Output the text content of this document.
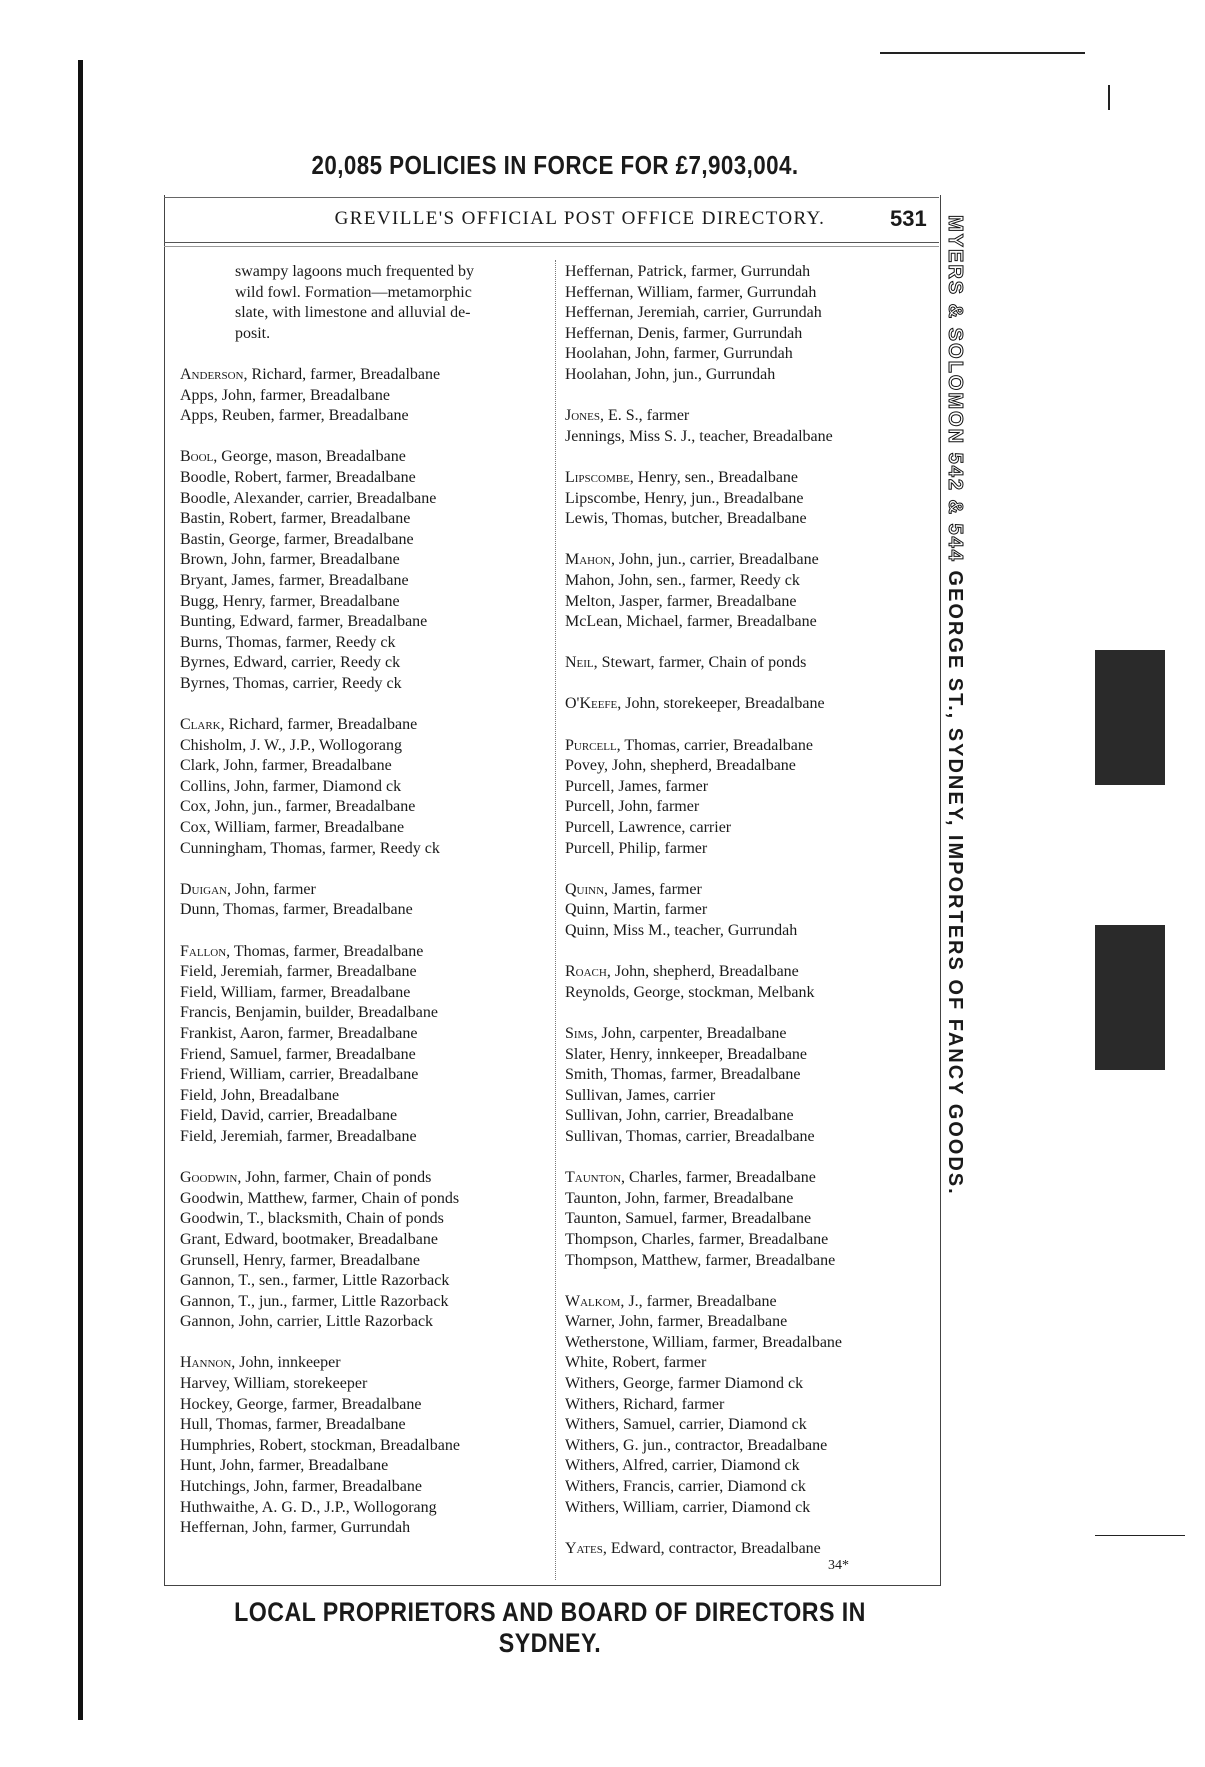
20,085 POLICIES IN FORCE FOR £7,903,004.
GREVILLE'S OFFICIAL POST OFFICE DIRECTORY.	531
swampy lagoons much frequented by
wild fowl. Formation—metamorphic
slate, with limestone and alluvial de-
posit.
Anderson, Richard, farmer, Breadalbane
Apps, John, farmer, Breadalbane
Apps, Reuben, farmer, Breadalbane
Bool, George, mason, Breadalbane
Boodle, Robert, farmer, Breadalbane
Boodle, Alexander, carrier, Breadalbane
Bastin, Robert, farmer, Breadalbane
Bastin, George, farmer, Breadalbane
Brown, John, farmer, Breadalbane
Bryant, James, farmer, Breadalbane
Bugg, Henry, farmer, Breadalbane
Bunting, Edward, farmer, Breadalbane
Burns, Thomas, farmer, Reedy ck
Byrnes, Edward, carrier, Reedy ck
Byrnes, Thomas, carrier, Reedy ck
Clark, Richard, farmer, Breadalbane
Chisholm, J. W., J.P., Wollogorang
Clark, John, farmer, Breadalbane
Collins, John, farmer, Diamond ck
Cox, John, jun., farmer, Breadalbane
Cox, William, farmer, Breadalbane
Cunningham, Thomas, farmer, Reedy ck
Duigan, John, farmer
Dunn, Thomas, farmer, Breadalbane
Fallon, Thomas, farmer, Breadalbane
Field, Jeremiah, farmer, Breadalbane
Field, William, farmer, Breadalbane
Francis, Benjamin, builder, Breadalbane
Frankist, Aaron, farmer, Breadalbane
Friend, Samuel, farmer, Breadalbane
Friend, William, carrier, Breadalbane
Field, John, Breadalbane
Field, David, carrier, Breadalbane
Field, Jeremiah, farmer, Breadalbane
Goodwin, John, farmer, Chain of ponds
Goodwin, Matthew, farmer, Chain of ponds
Goodwin, T., blacksmith, Chain of ponds
Grant, Edward, bootmaker, Breadalbane
Grunsell, Henry, farmer, Breadalbane
Gannon, T., sen., farmer, Little Razorback
Gannon, T., jun., farmer, Little Razorback
Gannon, John, carrier, Little Razorback
Hannon, John, innkeeper
Harvey, William, storekeeper
Hockey, George, farmer, Breadalbane
Hull, Thomas, farmer, Breadalbane
Humphries, Robert, stockman, Breadalbane
Hunt, John, farmer, Breadalbane
Hutchings, John, farmer, Breadalbane
Huthwaithe, A. G. D., J.P., Wollogorang
Heffernan, John, farmer, Gurrundah
Heffernan, Patrick, farmer, Gurrundah
Heffernan, William, farmer, Gurrundah
Heffernan, Jeremiah, carrier, Gurrundah
Heffernan, Denis, farmer, Gurrundah
Hoolahan, John, farmer, Gurrundah
Hoolahan, John, jun., Gurrundah
Jones, E. S., farmer
Jennings, Miss S. J., teacher, Breadalbane
Lipscombe, Henry, sen., Breadalbane
Lipscombe, Henry, jun., Breadalbane
Lewis, Thomas, butcher, Breadalbane
Mahon, John, jun., carrier, Breadalbane
Mahon, John, sen., farmer, Reedy ck
Melton, Jasper, farmer, Breadalbane
McLean, Michael, farmer, Breadalbane
Neil, Stewart, farmer, Chain of ponds
O'Keefe, John, storekeeper, Breadalbane
Purcell, Thomas, carrier, Breadalbane
Povey, John, shepherd, Breadalbane
Purcell, James, farmer
Purcell, John, farmer
Purcell, Lawrence, carrier
Purcell, Philip, farmer
Quinn, James, farmer
Quinn, Martin, farmer
Quinn, Miss M., teacher, Gurrundah
Roach, John, shepherd, Breadalbane
Reynolds, George, stockman, Melbank
Sims, John, carpenter, Breadalbane
Slater, Henry, innkeeper, Breadalbane
Smith, Thomas, farmer, Breadalbane
Sullivan, James, carrier
Sullivan, John, carrier, Breadalbane
Sullivan, Thomas, carrier, Breadalbane
Taunton, Charles, farmer, Breadalbane
Taunton, John, farmer, Breadalbane
Taunton, Samuel, farmer, Breadalbane
Thompson, Charles, farmer, Breadalbane
Thompson, Matthew, farmer, Breadalbane
Walkom, J., farmer, Breadalbane
Warner, John, farmer, Breadalbane
Wetherstone, William, farmer, Breadalbane
White, Robert, farmer
Withers, George, farmer Diamond ck
Withers, Richard, farmer
Withers, Samuel, carrier, Diamond ck
Withers, G. jun., contractor, Breadalbane
Withers, Alfred, carrier, Diamond ck
Withers, Francis, carrier, Diamond ck
Withers, William, carrier, Diamond ck
Yates, Edward, contractor, Breadalbane
34*
MYERS & SOLOMON 542 & 544 GEORGE ST., SYDNEY, IMPORTERS OF FANCY GOODS.
LOCAL PROPRIETORS AND BOARD OF DIRECTORS IN SYDNEY.
